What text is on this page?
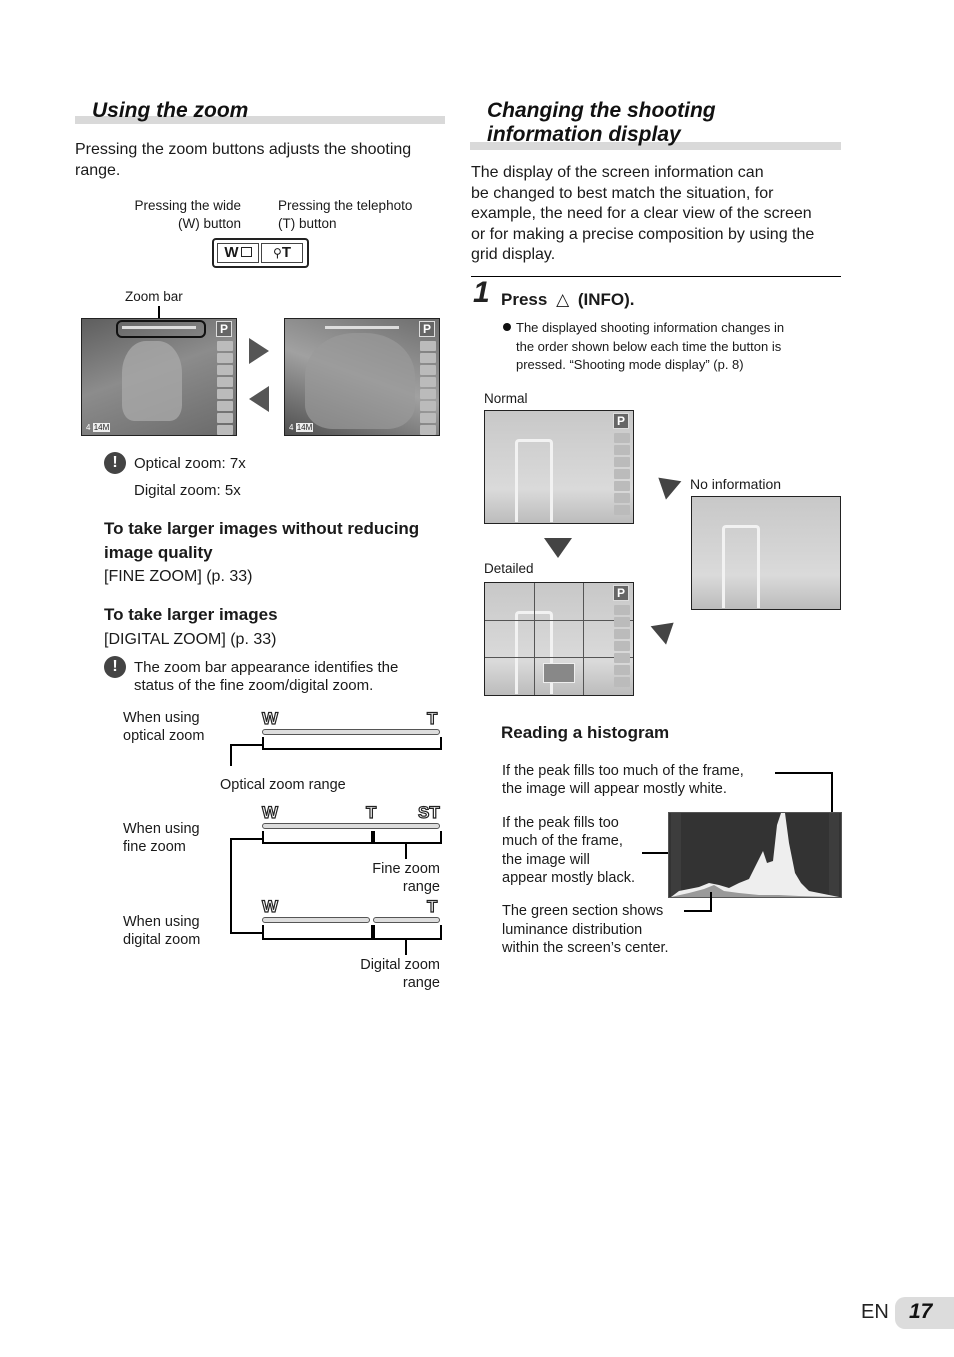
Using the zoom
Pressing the zoom buttons adjusts the shooting range.
Pressing the wide
(W) button
Pressing the telephoto
(T) button
W	⚲T
Zoom bar
P
4 14M
P
4 14M
!	Optical zoom: 7x
Digital zoom: 5x
To take larger images without reducing
image quality
[FINE ZOOM] (p. 33)
To take larger images
[DIGITAL ZOOM] (p. 33)
!	The zoom bar appearance identifies the
status of the fine zoom/digital zoom.
When using
optical zoom
W	T
Optical zoom range
When using
fine zoom
W	T ST
Fine zoom
range
When using
digital zoom
W	T
Digital zoom
range
Changing the shooting
information display
The display of the screen information can
be changed to best match the situation, for
example, the need for a clear view of the screen
or for making a precise composition by using the
grid display.
1 Press △ (INFO).
The displayed shooting information changes in
the order shown below each time the button is
pressed. “Shooting mode display” (p. 8)
Normal
P
No information
Detailed
P
Reading a histogram
If the peak fills too much of the frame,
the image will appear mostly white.
If the peak fills too
much of the frame,
the image will
appear mostly black.
The green section shows
luminance distribution
within the screen’s center.
EN 17
